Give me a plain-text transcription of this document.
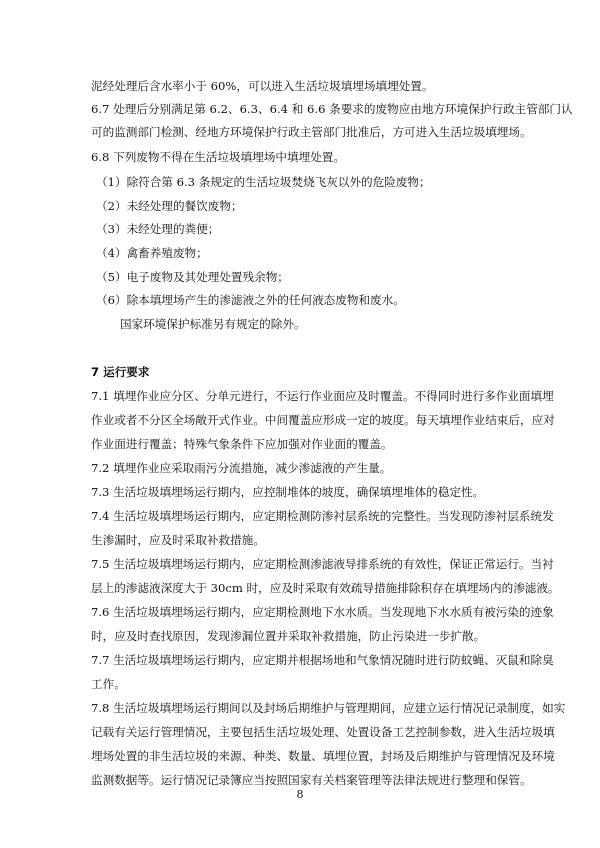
泥经处理后含水率小于 60%，可以进入生活垃圾填埋场填埋处置。
6.7 处理后分别满足第 6.2、6.3、6.4 和 6.6 条要求的废物应由地方环境保护行政主管部门认
可的监测部门检测、经地方环境保护行政主管部门批准后，方可进入生活垃圾填埋场。
6.8 下列废物不得在生活垃圾填埋场中填埋处置。
（1）除符合第 6.3 条规定的生活垃圾焚烧飞灰以外的危险废物；
（2）未经处理的餐饮废物；
（3）未经处理的粪便；
（4）禽畜养殖废物；
（5）电子废物及其处理处置残余物；
（6）除本填埋场产生的渗滤液之外的任何液态废物和废水。
国家环境保护标准另有规定的除外。
7 运行要求
7.1 填埋作业应分区、分单元进行，不运行作业面应及时覆盖。不得同时进行多作业面填埋
作业或者不分区全场敞开式作业。中间覆盖应形成一定的坡度。每天填埋作业结束后，应对
作业面进行覆盖；特殊气象条件下应加强对作业面的覆盖。
7.2 填埋作业应采取雨污分流措施，减少渗滤液的产生量。
7.3 生活垃圾填埋场运行期内，应控制堆体的坡度，确保填埋堆体的稳定性。
7.4 生活垃圾填埋场运行期内，应定期检测防渗衬层系统的完整性。当发现防渗衬层系统发
生渗漏时，应及时采取补救措施。
7.5 生活垃圾填埋场运行期内，应定期检测渗滤液导排系统的有效性，保证正常运行。当衬
层上的渗滤液深度大于 30cm 时，应及时采取有效疏导措施排除积存在填埋场内的渗滤液。
7.6 生活垃圾填埋场运行期内，应定期检测地下水水质。当发现地下水水质有被污染的迹象
时，应及时查找原因，发现渗漏位置并采取补救措施，防止污染进一步扩散。
7.7 生活垃圾填埋场运行期内，应定期并根据场地和气象情况随时进行防蚊蝇、灭鼠和除臭
工作。
7.8 生活垃圾填埋场运行期间以及封场后期维护与管理期间，应建立运行情况记录制度，如实
记载有关运行管理情况，主要包括生活垃圾处理、处置设备工艺控制参数，进入生活垃圾填
埋场处置的非生活垃圾的来源、种类、数量、填埋位置，封场及后期维护与管理情况及环境
监测数据等。运行情况记录簿应当按照国家有关档案管理等法律法规进行整理和保管。
8
